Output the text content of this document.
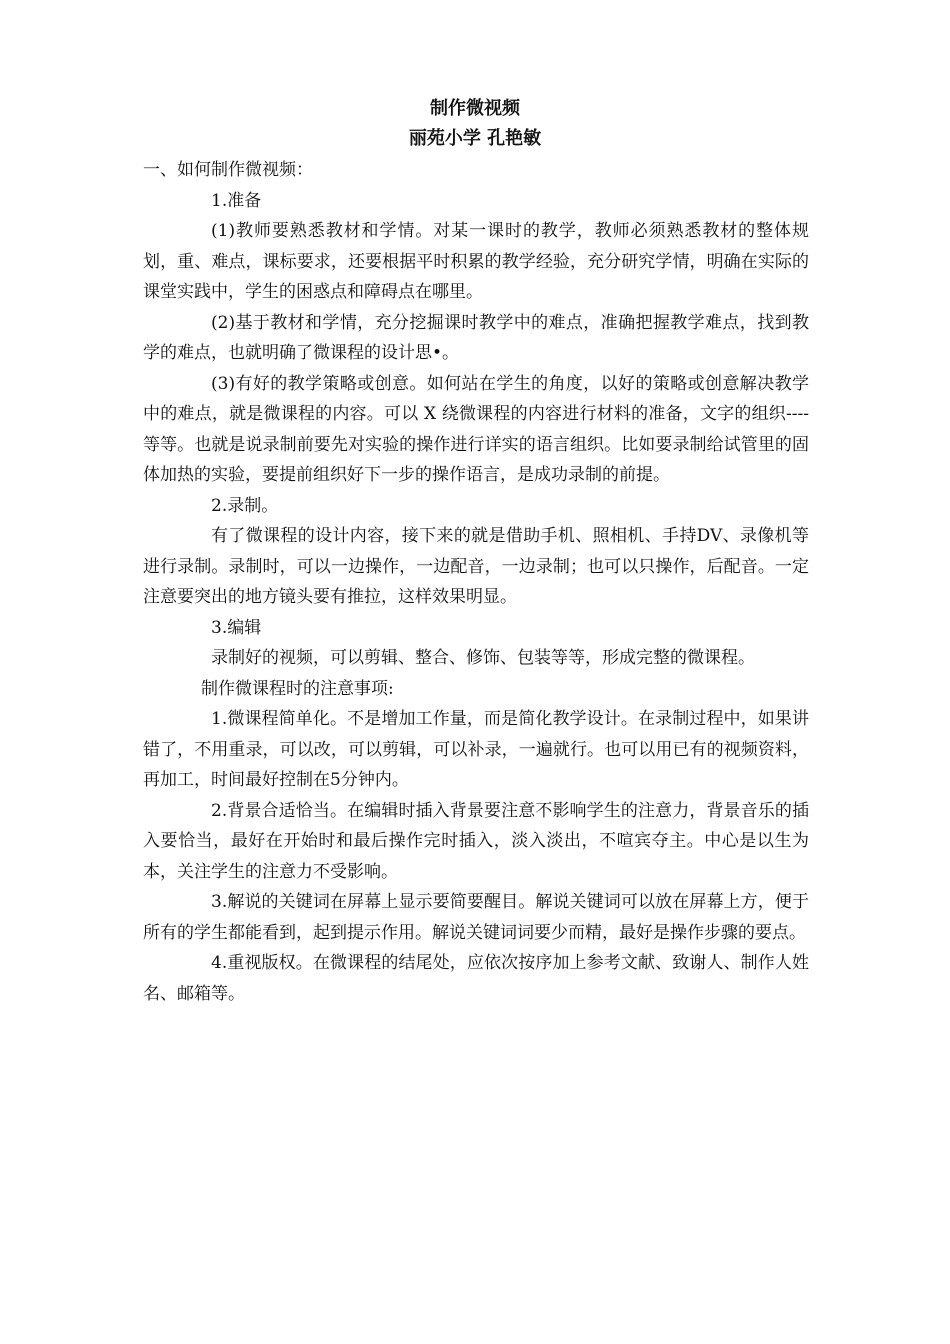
制作微视频
丽苑小学 孔艳敏

一、如何制作微视频：

1.准备

(1)教师要熟悉教材和学情。对某一课时的教学，教师必须熟悉教材的整体规划，重、难点，课标要求，还要根据平时积累的教学经验，充分研究学情，明确在实际的课堂实践中，学生的困惑点和障碍点在哪里。

(2)基于教材和学情，充分挖掘课时教学中的难点，准确把握教学难点，找到教学的难点，也就明确了微课程的设计思•。

(3)有好的教学策略或创意。如何站在学生的角度，以好的策略或创意解决教学中的难点，就是微课程的内容。可以 X 绕微课程的内容进行材料的准备，文字的组织----等等。也就是说录制前要先对实验的操作进行详实的语言组织。比如要录制给试管里的固体加热的实验，要提前组织好下一步的操作语言，是成功录制的前提。

2.录制。

有了微课程的设计内容，接下来的就是借助手机、照相机、手持DV、录像机等进行录制。录制时，可以一边操作，一边配音，一边录制；也可以只操作，后配音。一定注意要突出的地方镜头要有推拉，这样效果明显。

3.编辑

录制好的视频，可以剪辑、整合、修饰、包装等等，形成完整的微课程。

制作微课程时的注意事项:

1.微课程简单化。不是增加工作量，而是简化教学设计。在录制过程中，如果讲错了，不用重录，可以改，可以剪辑，可以补录，一遍就行。也可以用已有的视频资料，再加工，时间最好控制在5分钟内。

2.背景合适恰当。在编辑时插入背景要注意不影响学生的注意力，背景音乐的插入要恰当，最好在开始时和最后操作完时插入，淡入淡出，不喧宾夺主。中心是以生为本，关注学生的注意力不受影响。

3.解说的关键词在屏幕上显示要简要醒目。解说关键词可以放在屏幕上方，便于所有的学生都能看到，起到提示作用。解说关键词词要少而精，最好是操作步骤的要点。

4.重视版权。在微课程的结尾处，应依次按序加上参考文献、致谢人、制作人姓名、邮箱等。
